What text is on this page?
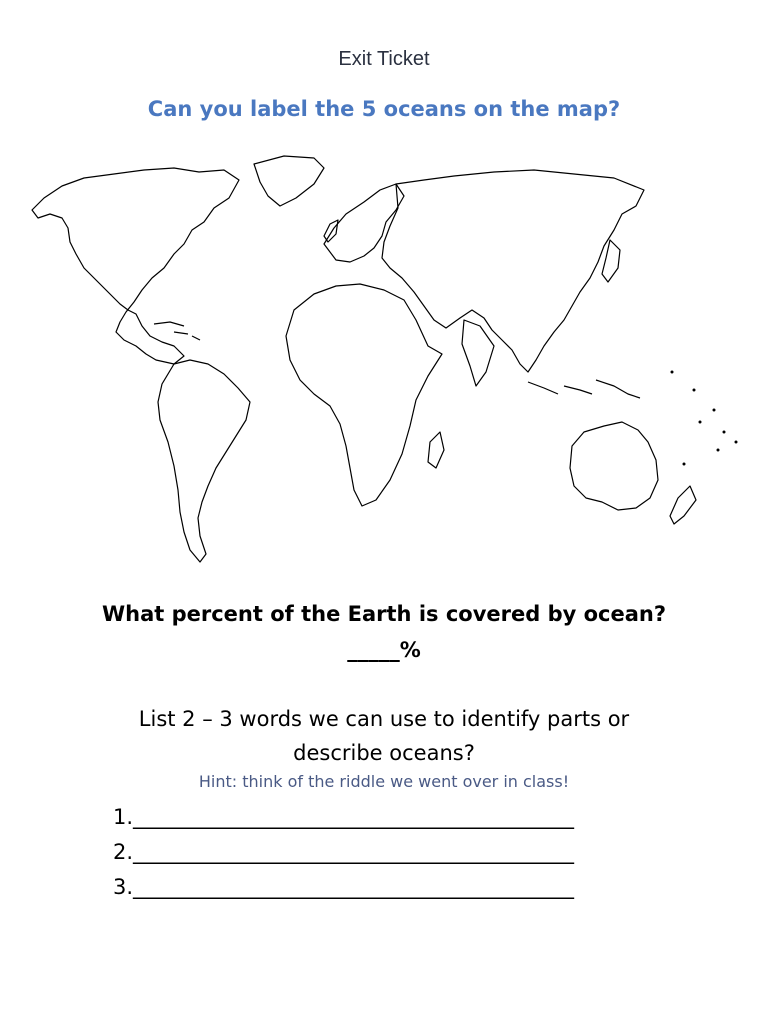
Exit Ticket
Can you label the 5 oceans on the map?
What percent of the Earth is covered by ocean?
_____%
List 2 – 3 words we can use to identify parts or
describe oceans?
Hint: think of the riddle we went over in class!
1.__________________________________________
2.__________________________________________
3.__________________________________________
